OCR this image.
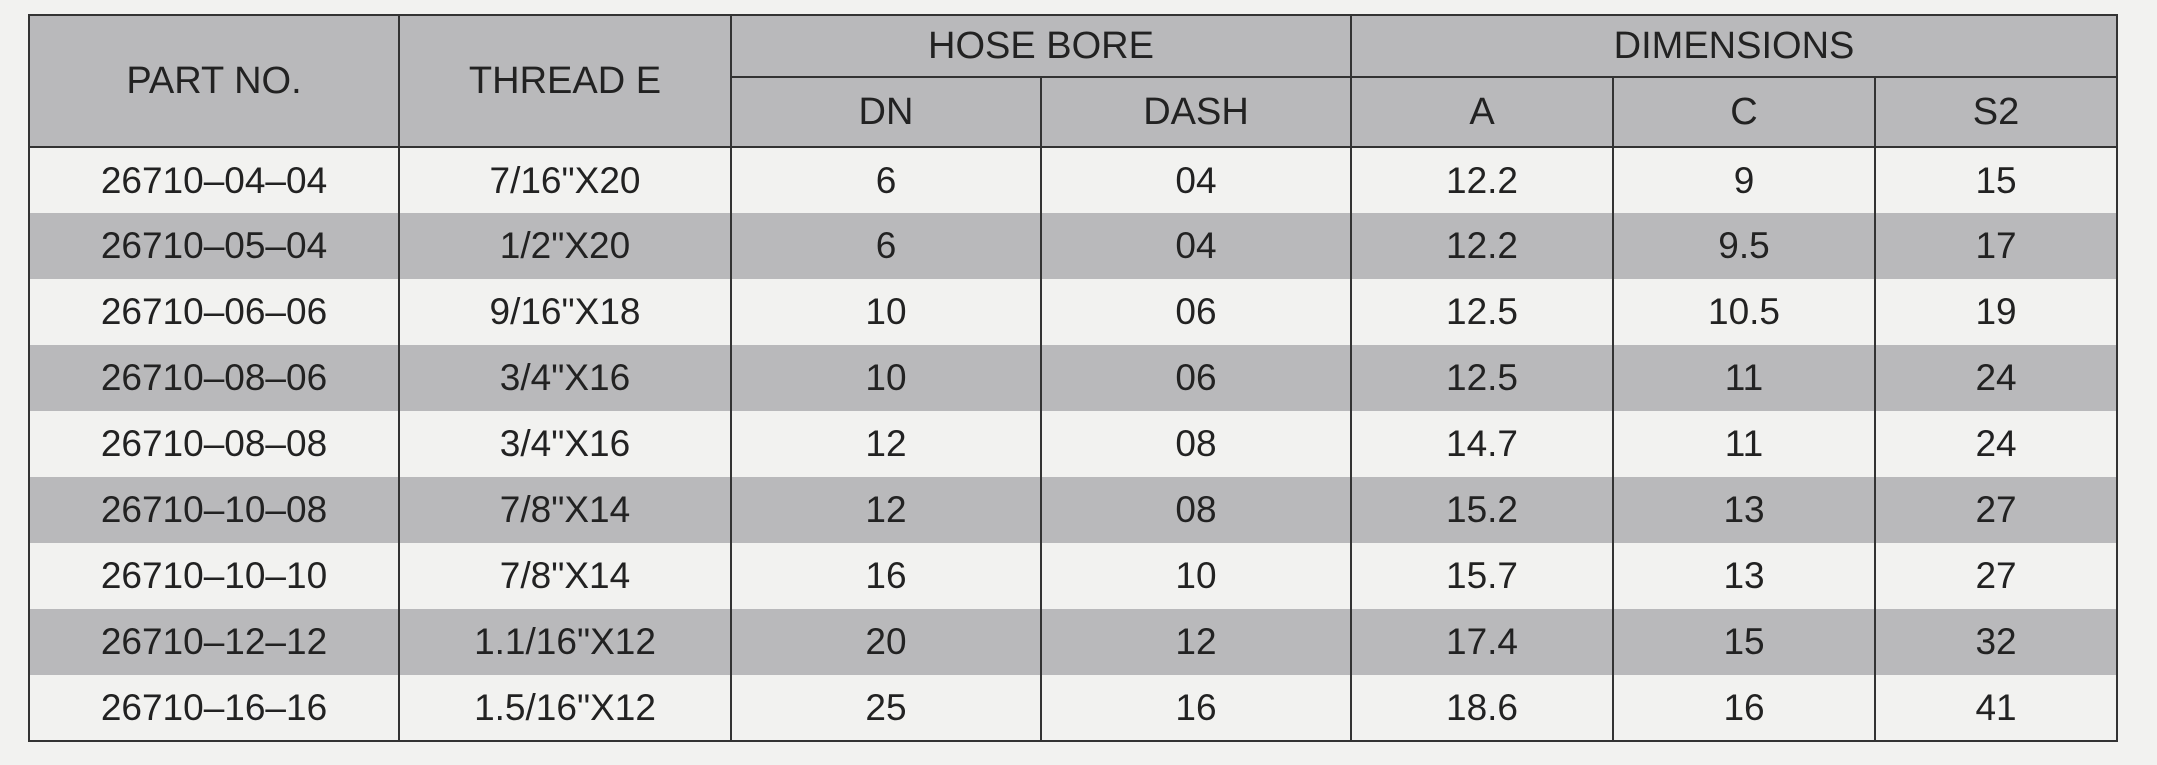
PART NO.	THREAD E	HOSE BORE		DIMENSIONS		
		DN	DASH	A	C	S2
26710–04–04	7/16"X20	6	04	12.2	9	15
26710–05–04	1/2"X20	6	04	12.2	9.5	17
26710–06–06	9/16"X18	10	06	12.5	10.5	19
26710–08–06	3/4"X16	10	06	12.5	11	24
26710–08–08	3/4"X16	12	08	14.7	11	24
26710–10–08	7/8"X14	12	08	15.2	13	27
26710–10–10	7/8"X14	16	10	15.7	13	27
26710–12–12	1.1/16"X12	20	12	17.4	15	32
26710–16–16	1.5/16"X12	25	16	18.6	16	41
